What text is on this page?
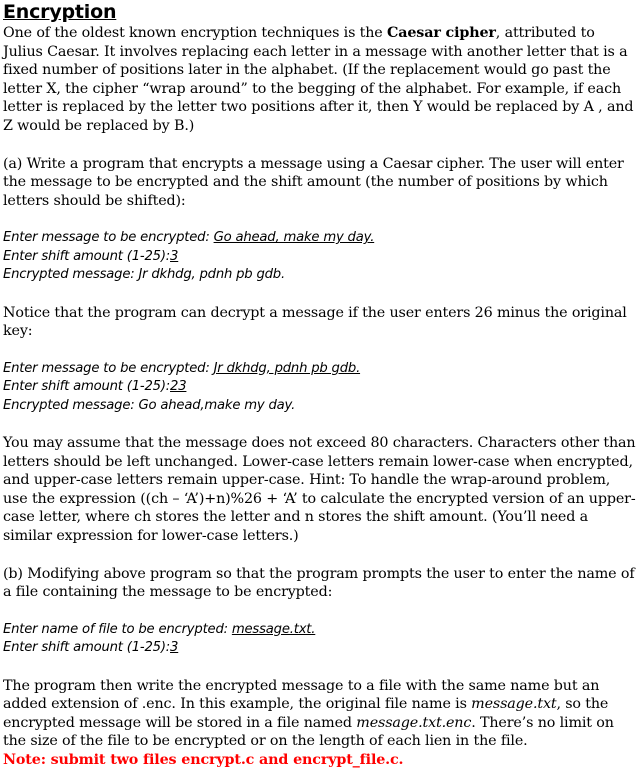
Encryption

One of the oldest known encryption techniques is the Caesar cipher, attributed to Julius Caesar. It involves replacing each letter in a message with another letter that is a fixed number of positions later in the alphabet. (If the replacement would go past the letter X, the cipher “wrap around” to the begging of the alphabet. For example, if each letter is replaced by the letter two positions after it, then Y would be replaced by A , and Z would be replaced by B.)

(a) Write a program that encrypts a message using a Caesar cipher. The user will enter the message to be encrypted and the shift amount (the number of positions by which letters should be shifted):

Enter message to be encrypted: Go ahead, make my day.
Enter shift amount (1-25):3
Encrypted message: Jr dkhdg, pdnh pb gdb.

Notice that the program can decrypt a message if the user enters 26 minus the original key:

Enter message to be encrypted: Jr dkhdg, pdnh pb gdb.
Enter shift amount (1-25):23
Encrypted message: Go ahead,make my day.

You may assume that the message does not exceed 80 characters. Characters other than letters should be left unchanged. Lower-case letters remain lower-case when encrypted, and upper-case letters remain upper-case. Hint: To handle the wrap-around problem, use the expression ((ch – ‘A’)+n)%26 + ‘A’ to calculate the encrypted version of an upper-case letter, where ch stores the letter and n stores the shift amount. (You’ll need a similar expression for lower-case letters.)

(b) Modifying above program so that the program prompts the user to enter the name of a file containing the message to be encrypted:

Enter name of file to be encrypted: message.txt.
Enter shift amount (1-25):3

The program then write the encrypted message to a file with the same name but an added extension of .enc. In this example, the original file name is message.txt, so the encrypted message will be stored in a file named message.txt.enc. There’s no limit on the size of the file to be encrypted or on the length of each lien in the file.

Note: submit two files encrypt.c and encrypt_file.c.
